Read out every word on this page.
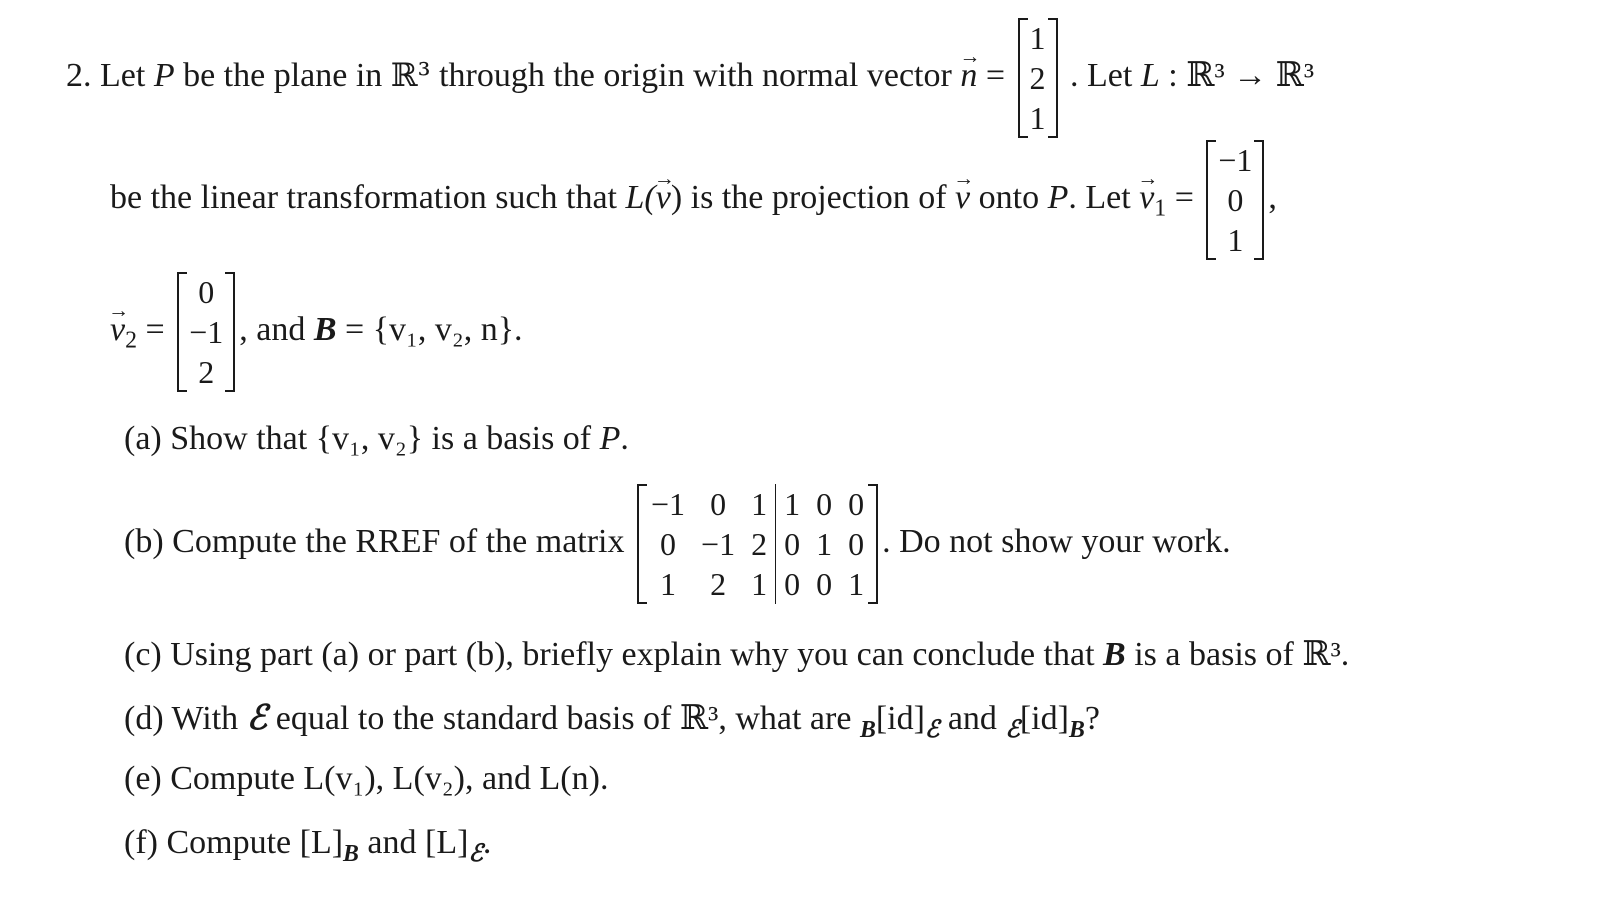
2. Let P be the plane in ℝ³ through the origin with normal vector → n =
1
2
1
. Let L : ℝ³ → ℝ³
be the linear transformation such that L(→ v) is the projection of → v onto P. Let → $v_1$ =
−1
0
1
,
→ $v_2$ =
0
−1
2
, and B = {v₁, v₂, n}.
(a) Show that {v₁, v₂} is a basis of P.
(b) Compute the RREF of the matrix
−1	0	1	1	0	0
0	−1	2	0	1	0
1	2	1	0	0	1
. Do not show your work.
(c) Using part (a) or part (b), briefly explain why you can conclude that B is a basis of ℝ³.
(d) With ℰ equal to the standard basis of ℝ³, what are $_B[id]_ℰ$ and $_ℰ[id]_B$?
(e) Compute L(v₁), L(v₂), and L(n).
(f) Compute $[L]_B$ and $[L]_ℰ$.
